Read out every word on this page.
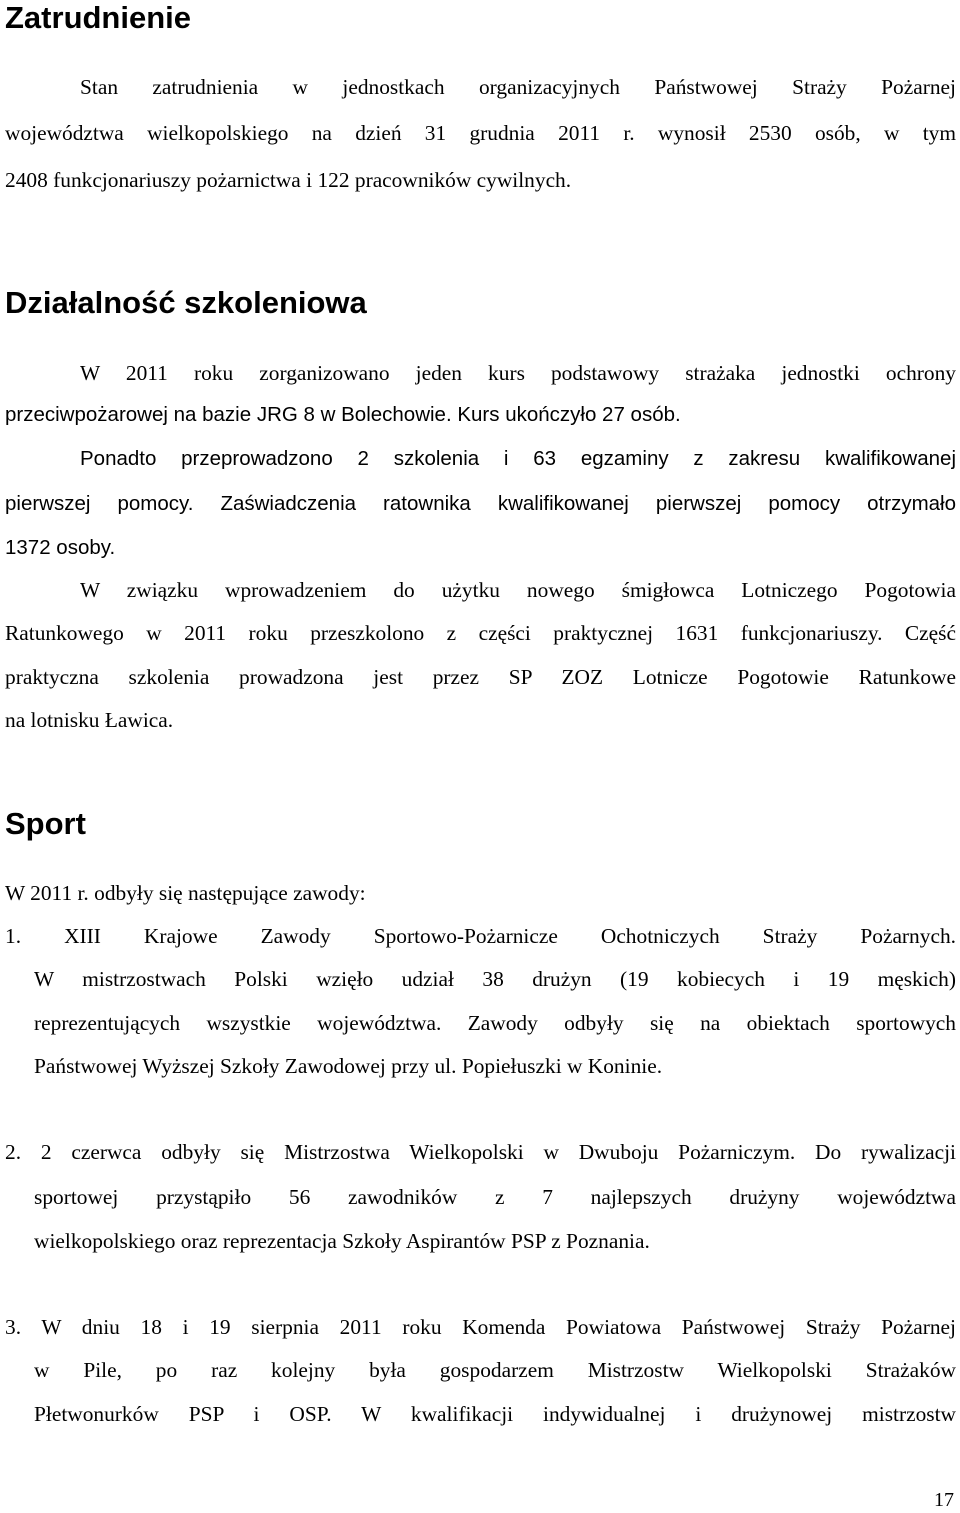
Zatrudnienie
Stan zatrudnienia w jednostkach organizacyjnych Państwowej Straży Pożarnej
województwa wielkopolskiego na dzień 31 grudnia 2011 r. wynosił 2530 osób, w tym
2408 funkcjonariuszy pożarnictwa i 122 pracowników cywilnych.
Działalność szkoleniowa
W 2011 roku zorganizowano jeden kurs podstawowy strażaka jednostki ochrony
przeciwpożarowej na bazie JRG 8 w Bolechowie. Kurs ukończyło 27 osób.
Ponadto przeprowadzono 2 szkolenia i 63 egzaminy z zakresu kwalifikowanej
pierwszej pomocy. Zaświadczenia ratownika kwalifikowanej pierwszej pomocy otrzymało
1372 osoby.
W związku wprowadzeniem do użytku nowego śmigłowca Lotniczego Pogotowia
Ratunkowego w 2011 roku przeszkolono z części praktycznej 1631 funkcjonariuszy. Część
praktyczna szkolenia prowadzona jest przez SP ZOZ Lotnicze Pogotowie Ratunkowe
na lotnisku Ławica.
Sport
W 2011 r. odbyły się następujące zawody:
1. XIII Krajowe Zawody Sportowo-Pożarnicze Ochotniczych Straży Pożarnych.
W mistrzostwach Polski wzięło udział 38 drużyn (19 kobiecych i 19 męskich)
reprezentujących wszystkie województwa. Zawody odbyły się na obiektach sportowych
Państwowej Wyższej Szkoły Zawodowej przy ul. Popiełuszki w Koninie.
2. 2 czerwca odbyły się Mistrzostwa Wielkopolski w Dwuboju Pożarniczym. Do rywalizacji
sportowej przystąpiło 56 zawodników z 7 najlepszych drużyny województwa
wielkopolskiego oraz reprezentacja Szkoły Aspirantów PSP z Poznania.
3. W dniu 18 i 19 sierpnia 2011 roku Komenda Powiatowa Państwowej Straży Pożarnej
w Pile, po raz kolejny była gospodarzem Mistrzostw Wielkopolski Strażaków
Płetwonurków PSP i OSP. W kwalifikacji indywidualnej i drużynowej mistrzostw
17
